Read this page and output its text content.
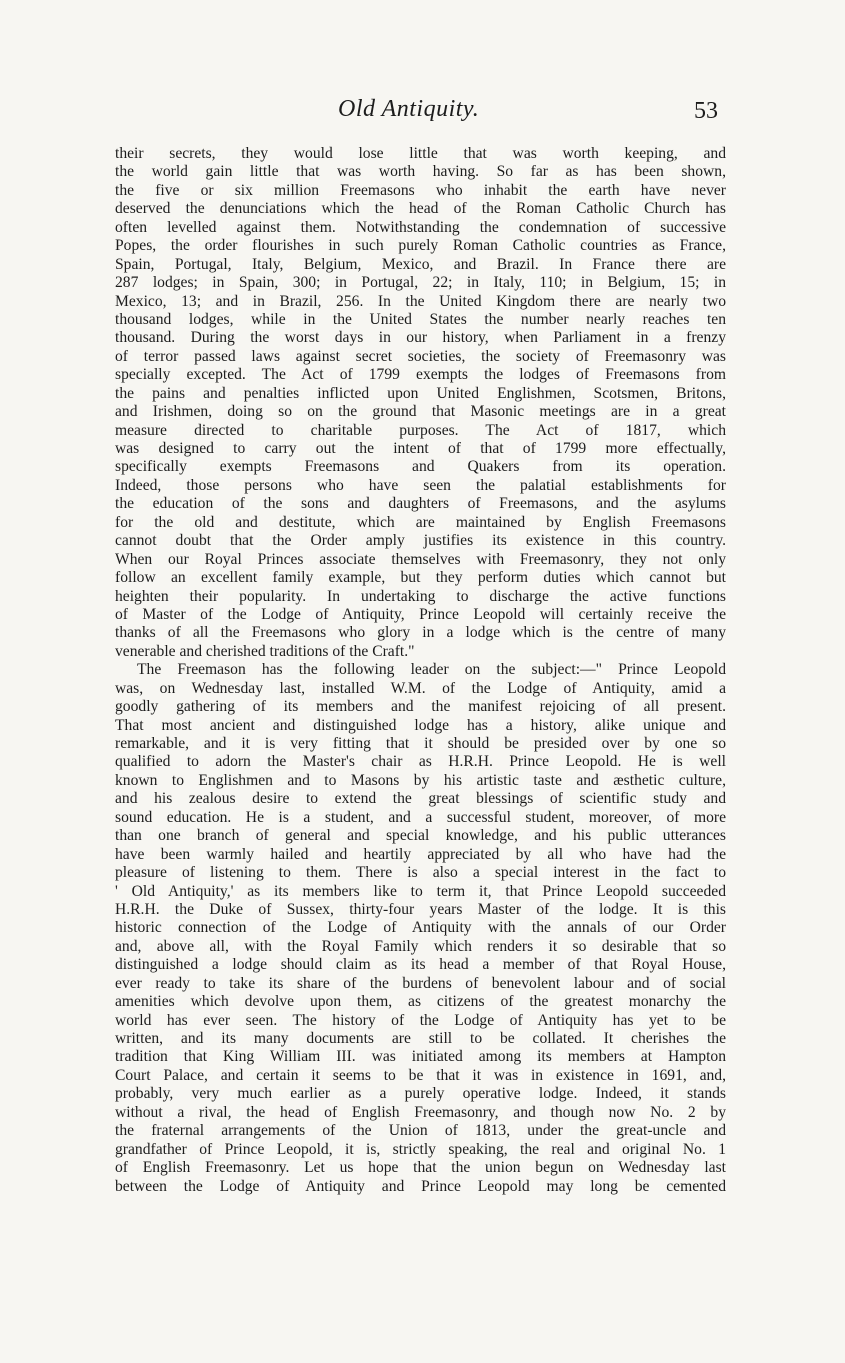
Old Antiquity.	53
their secrets, they would lose little that was worth keeping, and
the world gain little that was worth having. So far as has been shown,
the five or six million Freemasons who inhabit the earth have never
deserved the denunciations which the head of the Roman Catholic Church has
often levelled against them. Notwithstanding the condemnation of successive
Popes, the order flourishes in such purely Roman Catholic countries as France,
Spain, Portugal, Italy, Belgium, Mexico, and Brazil. In France there are
287 lodges; in Spain, 300; in Portugal, 22; in Italy, 110; in Belgium, 15; in
Mexico, 13; and in Brazil, 256. In the United Kingdom there are nearly two
thousand lodges, while in the United States the number nearly reaches ten
thousand. During the worst days in our history, when Parliament in a frenzy
of terror passed laws against secret societies, the society of Freemasonry was
specially excepted. The Act of 1799 exempts the lodges of Freemasons from
the pains and penalties inflicted upon United Englishmen, Scotsmen, Britons,
and Irishmen, doing so on the ground that Masonic meetings are in a great
measure directed to charitable purposes. The Act of 1817, which
was designed to carry out the intent of that of 1799 more effectually,
specifically exempts Freemasons and Quakers from its operation.
Indeed, those persons who have seen the palatial establishments for
the education of the sons and daughters of Freemasons, and the asylums
for the old and destitute, which are maintained by English Freemasons
cannot doubt that the Order amply justifies its existence in this country.
When our Royal Princes associate themselves with Freemasonry, they not only
follow an excellent family example, but they perform duties which cannot but
heighten their popularity. In undertaking to discharge the active functions
of Master of the Lodge of Antiquity, Prince Leopold will certainly receive the
thanks of all the Freemasons who glory in a lodge which is the centre of many
venerable and cherished traditions of the Craft."
The Freemason has the following leader on the subject:—" Prince Leopold
was, on Wednesday last, installed W.M. of the Lodge of Antiquity, amid a
goodly gathering of its members and the manifest rejoicing of all present.
That most ancient and distinguished lodge has a history, alike unique and
remarkable, and it is very fitting that it should be presided over by one so
qualified to adorn the Master's chair as H.R.H. Prince Leopold. He is well
known to Englishmen and to Masons by his artistic taste and æsthetic culture,
and his zealous desire to extend the great blessings of scientific study and
sound education. He is a student, and a successful student, moreover, of more
than one branch of general and special knowledge, and his public utterances
have been warmly hailed and heartily appreciated by all who have had the
pleasure of listening to them. There is also a special interest in the fact to
' Old Antiquity,' as its members like to term it, that Prince Leopold succeeded
H.R.H. the Duke of Sussex, thirty-four years Master of the lodge. It is this
historic connection of the Lodge of Antiquity with the annals of our Order
and, above all, with the Royal Family which renders it so desirable that so
distinguished a lodge should claim as its head a member of that Royal House,
ever ready to take its share of the burdens of benevolent labour and of social
amenities which devolve upon them, as citizens of the greatest monarchy the
world has ever seen. The history of the Lodge of Antiquity has yet to be
written, and its many documents are still to be collated. It cherishes the
tradition that King William III. was initiated among its members at Hampton
Court Palace, and certain it seems to be that it was in existence in 1691, and,
probably, very much earlier as a purely operative lodge. Indeed, it stands
without a rival, the head of English Freemasonry, and though now No. 2 by
the fraternal arrangements of the Union of 1813, under the great-uncle and
grandfather of Prince Leopold, it is, strictly speaking, the real and original No. 1
of English Freemasonry. Let us hope that the union begun on Wednesday last
between the Lodge of Antiquity and Prince Leopold may long be cemented
